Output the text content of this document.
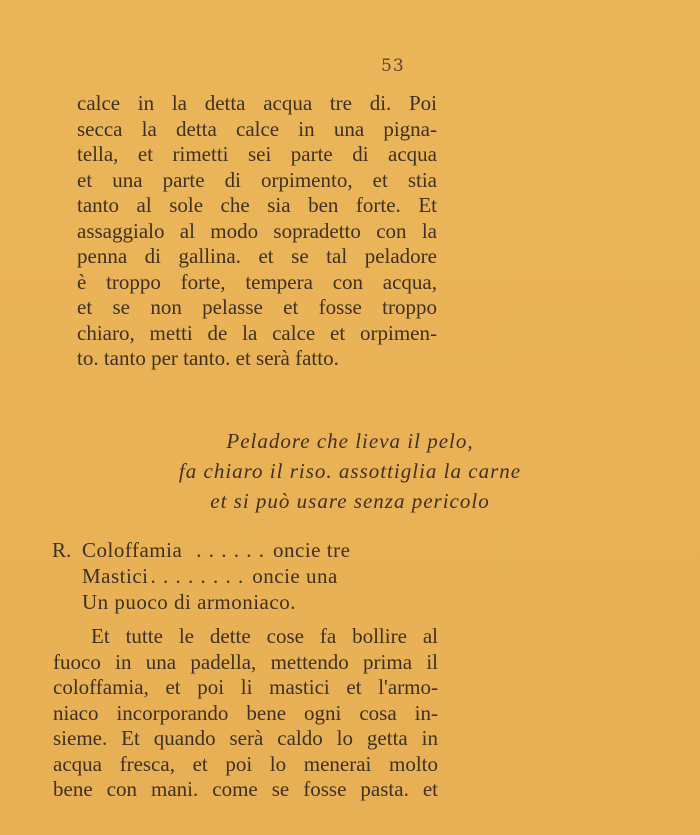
53
calce in la detta acqua tre di. Poi
secca la detta calce in una pigna-
tella, et rimetti sei parte di acqua
et una parte di orpimento, et stia
tanto al sole che sia ben forte. Et
assaggialo al modo sopradetto con la
penna di gallina. et se tal peladore
è troppo forte, tempera con acqua,
et se non pelasse et fosse troppo
chiaro, metti de la calce et orpimen-
to. tanto per tanto. et serà fatto.
Peladore che lieva il pelo,
fa chiaro il riso. assottiglia la carne
et si può usare senza pericolo
R. Coloffamia . . . . . . oncie tre
Mastici . . . . . . . . oncie una
Un puoco di armoniaco.
Et tutte le dette cose fa bollire al
fuoco in una padella, mettendo prima il
coloffamia, et poi li mastici et l'armo-
niaco incorporando bene ogni cosa in-
sieme. Et quando serà caldo lo getta in
acqua fresca, et poi lo menerai molto
bene con mani. come se fosse pasta. et
